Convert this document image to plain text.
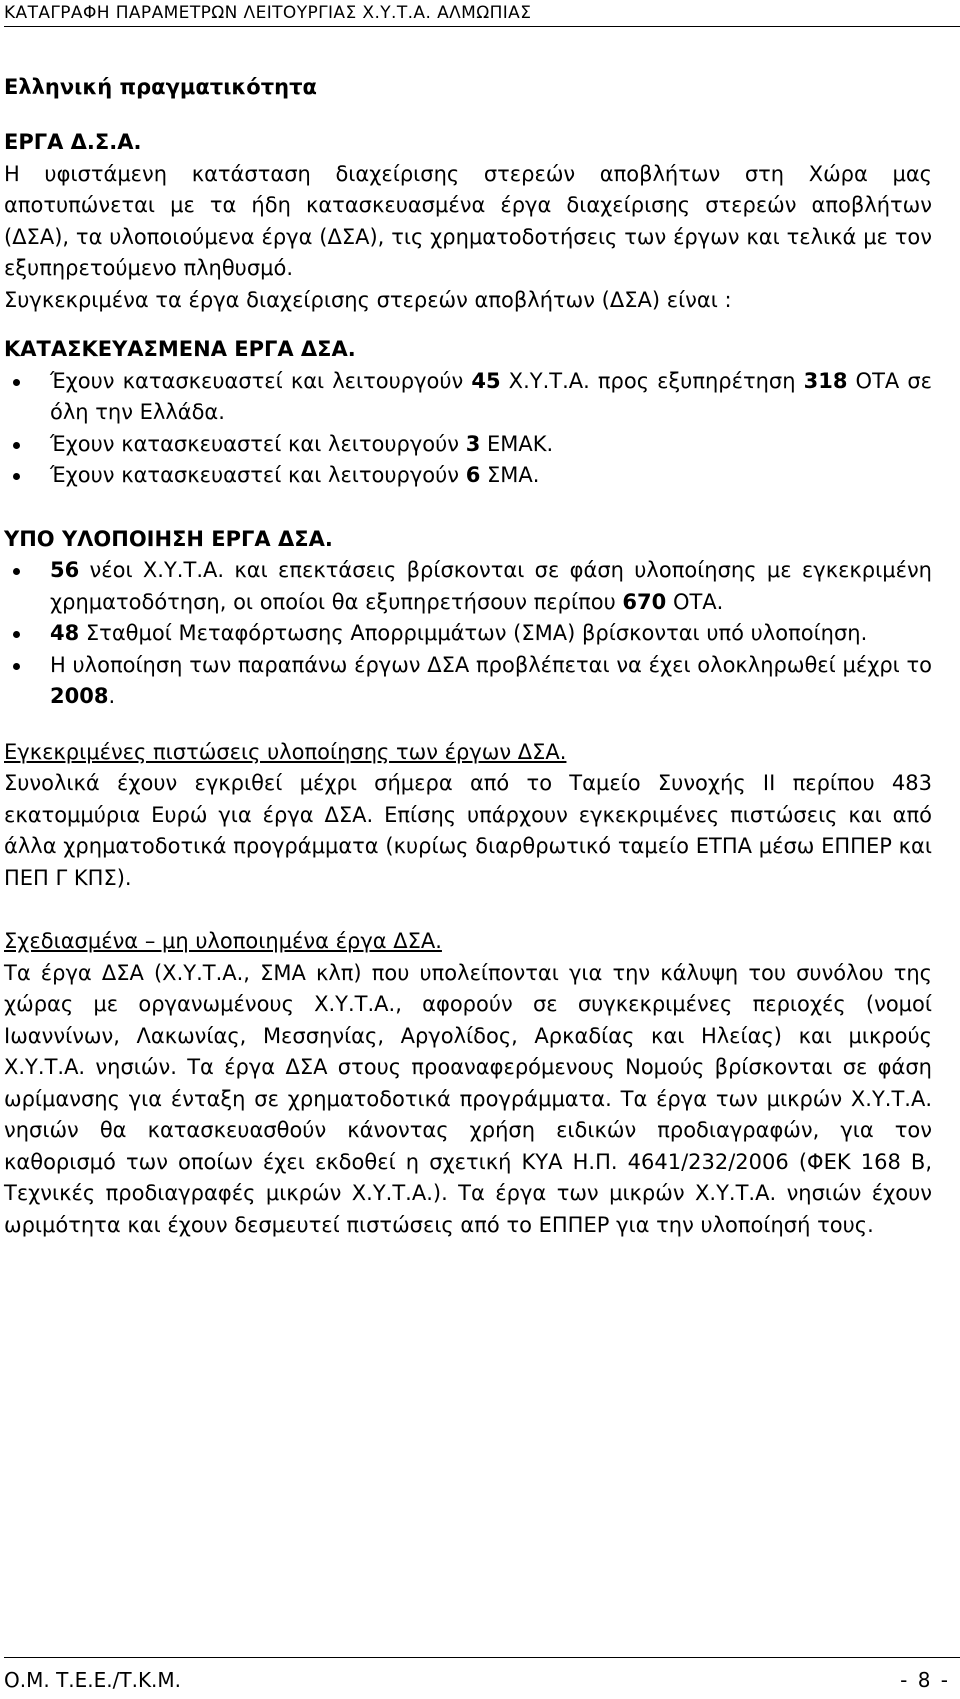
ΚΑΤΑΓΡΑΦΗ ΠΑΡΑΜΕΤΡΩΝ ΛΕΙΤΟΥΡΓΙΑΣ Χ.Υ.Τ.Α. ΑΛΜΩΠΙΑΣ
Ελληνική πραγματικότητα

ΕΡΓΑ Δ.Σ.Α.

Η υφιστάμενη κατάσταση διαχείρισης στερεών αποβλήτων στη Χώρα μας αποτυπώνεται με τα ήδη κατασκευασμένα έργα διαχείρισης στερεών αποβλήτων (ΔΣΑ), τα υλοποιούμενα έργα (ΔΣΑ), τις χρηματοδοτήσεις των έργων και τελικά με τον εξυπηρετούμενο πληθυσμό.

Συγκεκριμένα τα έργα διαχείρισης στερεών αποβλήτων (ΔΣΑ) είναι :

ΚΑΤΑΣΚΕΥΑΣΜΕΝΑ ΕΡΓΑ ΔΣΑ.

Έχουν κατασκευαστεί και λειτουργούν 45 Χ.Υ.Τ.Α. προς εξυπηρέτηση 318 ΟΤΑ σε όλη την Ελλάδα.
Έχουν κατασκευαστεί και λειτουργούν 3 ΕΜΑΚ.
Έχουν κατασκευαστεί και λειτουργούν 6 ΣΜΑ.

ΥΠΟ ΥΛΟΠΟΙΗΣΗ ΕΡΓΑ ΔΣΑ.

56 νέοι Χ.Υ.Τ.Α. και επεκτάσεις βρίσκονται σε φάση υλοποίησης με εγκεκριμένη χρηματοδότηση, οι οποίοι θα εξυπηρετήσουν περίπου 670 ΟΤΑ.
48 Σταθμοί Μεταφόρτωσης Απορριμμάτων (ΣΜΑ) βρίσκονται υπό υλοποίηση.
Η υλοποίηση των παραπάνω έργων ΔΣΑ προβλέπεται να έχει ολοκληρωθεί μέχρι το 2008.

Εγκεκριμένες πιστώσεις υλοποίησης των έργων ΔΣΑ.

Συνολικά έχουν εγκριθεί μέχρι σήμερα από το Ταμείο Συνοχής ΙΙ περίπου 483 εκατομμύρια Ευρώ για έργα ΔΣΑ. Επίσης υπάρχουν εγκεκριμένες πιστώσεις και από άλλα χρηματοδοτικά προγράμματα (κυρίως διαρθρωτικό ταμείο ΕΤΠΑ μέσω ΕΠΠΕΡ και ΠΕΠ Γ ΚΠΣ).

Σχεδιασμένα – μη υλοποιημένα έργα ΔΣΑ.

Τα έργα ΔΣΑ (Χ.Υ.Τ.Α., ΣΜΑ κλπ) που υπολείπονται για την κάλυψη του συνόλου της χώρας με οργανωμένους Χ.Υ.Τ.Α., αφορούν σε συγκεκριμένες περιοχές (νομοί Ιωαννίνων, Λακωνίας, Μεσσηνίας, Αργολίδος, Αρκαδίας και Ηλείας) και μικρούς Χ.Υ.Τ.Α. νησιών. Τα έργα ΔΣΑ στους προαναφερόμενους Νομούς βρίσκονται σε φάση ωρίμανσης για ένταξη σε χρηματοδοτικά προγράμματα. Τα έργα των μικρών Χ.Υ.Τ.Α. νησιών θα κατασκευασθούν κάνοντας χρήση ειδικών προδιαγραφών, για τον καθορισμό των οποίων έχει εκδοθεί η σχετική ΚΥΑ Η.Π. 4641/232/2006 (ΦΕΚ 168 Β, Τεχνικές προδιαγραφές μικρών Χ.Υ.Τ.Α.). Τα έργα των μικρών Χ.Υ.Τ.Α. νησιών έχουν ωριμότητα και έχουν δεσμευτεί πιστώσεις από το ΕΠΠΕΡ για την υλοποίησή τους.

Ο.Μ. Τ.Ε.Ε./Τ.Κ.Μ.	- 8 -
